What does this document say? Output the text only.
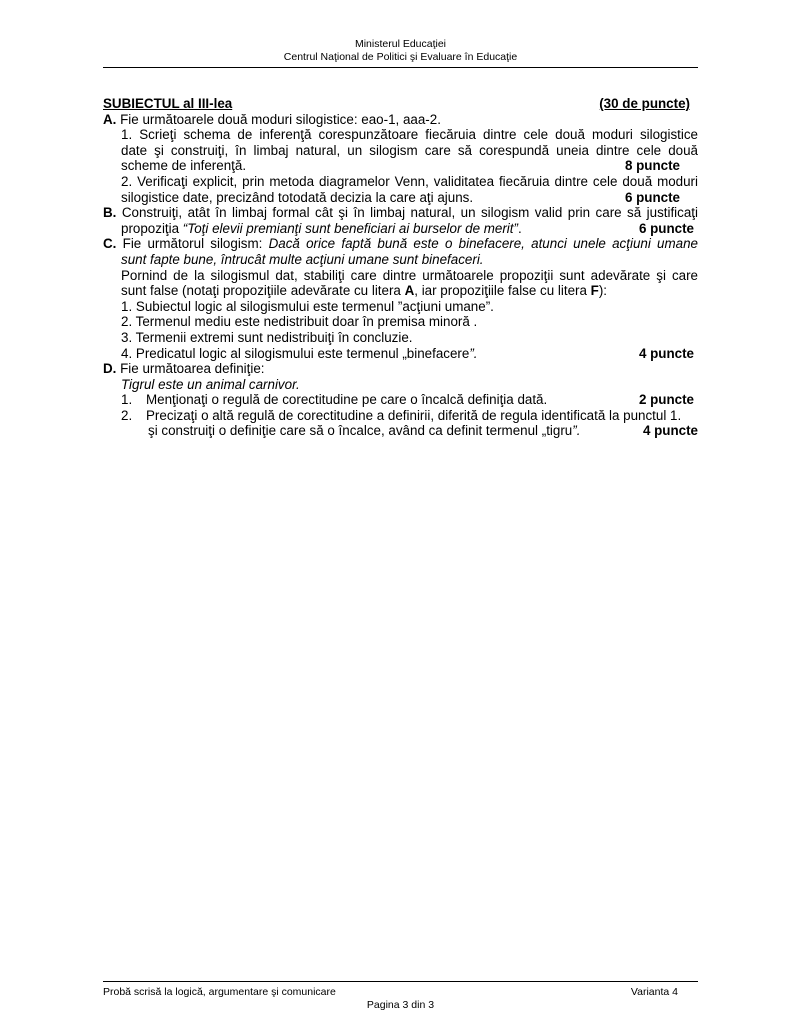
Ministerul Educaţiei
Centrul Naţional de Politici şi Evaluare în Educaţie
SUBIECTUL al III-lea	(30 de puncte)
A. Fie următoarele două moduri silogistice: eao-1, aaa-2.
1. Scrieţi schema de inferenţă corespunzătoare fiecăruia dintre cele două moduri silogistice
date şi construiţi, în limbaj natural, un silogism care să corespundă uneia dintre cele două
scheme de inferenţă.	8 puncte
2. Verificaţi explicit, prin metoda diagramelor Venn, validitatea fiecăruia dintre cele două moduri
silogistice date, precizând totodată decizia la care aţi ajuns.	6 puncte
B. Construiţi, atât în limbaj formal cât şi în limbaj natural, un silogism valid prin care să justificaţi
propoziţia “Toţi elevii premianţi sunt beneficiari ai burselor de merit”.	6 puncte
C. Fie următorul silogism: Dacă orice faptă bună este o binefacere, atunci unele acţiuni umane
sunt fapte bune, întrucât multe acţiuni umane sunt binefaceri.
Pornind de la silogismul dat, stabiliţi care dintre următoarele propoziţii sunt adevărate şi care
sunt false (notaţi propoziţiile adevărate cu litera A, iar propoziţiile false cu litera F):
1. Subiectul logic al silogismului este termenul ”acţiuni umane”.
2. Termenul mediu este nedistribuit doar în premisa minoră .
3. Termenii extremi sunt nedistribuiţi în concluzie.
4. Predicatul logic al silogismului este termenul „binefacere”.	4 puncte
D. Fie următoarea definiţie:
Tigrul este un animal carnivor.
1. Menţionaţi o regulă de corectitudine pe care o încalcă definiţia dată.	2 puncte
2. Precizaţi o altă regulă de corectitudine a definirii, diferită de regula identificată la punctul 1.
şi construiţi o definiţie care să o încalce, având ca definit termenul „tigru”.	4 puncte
Probă scrisă la logică, argumentare şi comunicare	Varianta 4
Pagina 3 din 3
